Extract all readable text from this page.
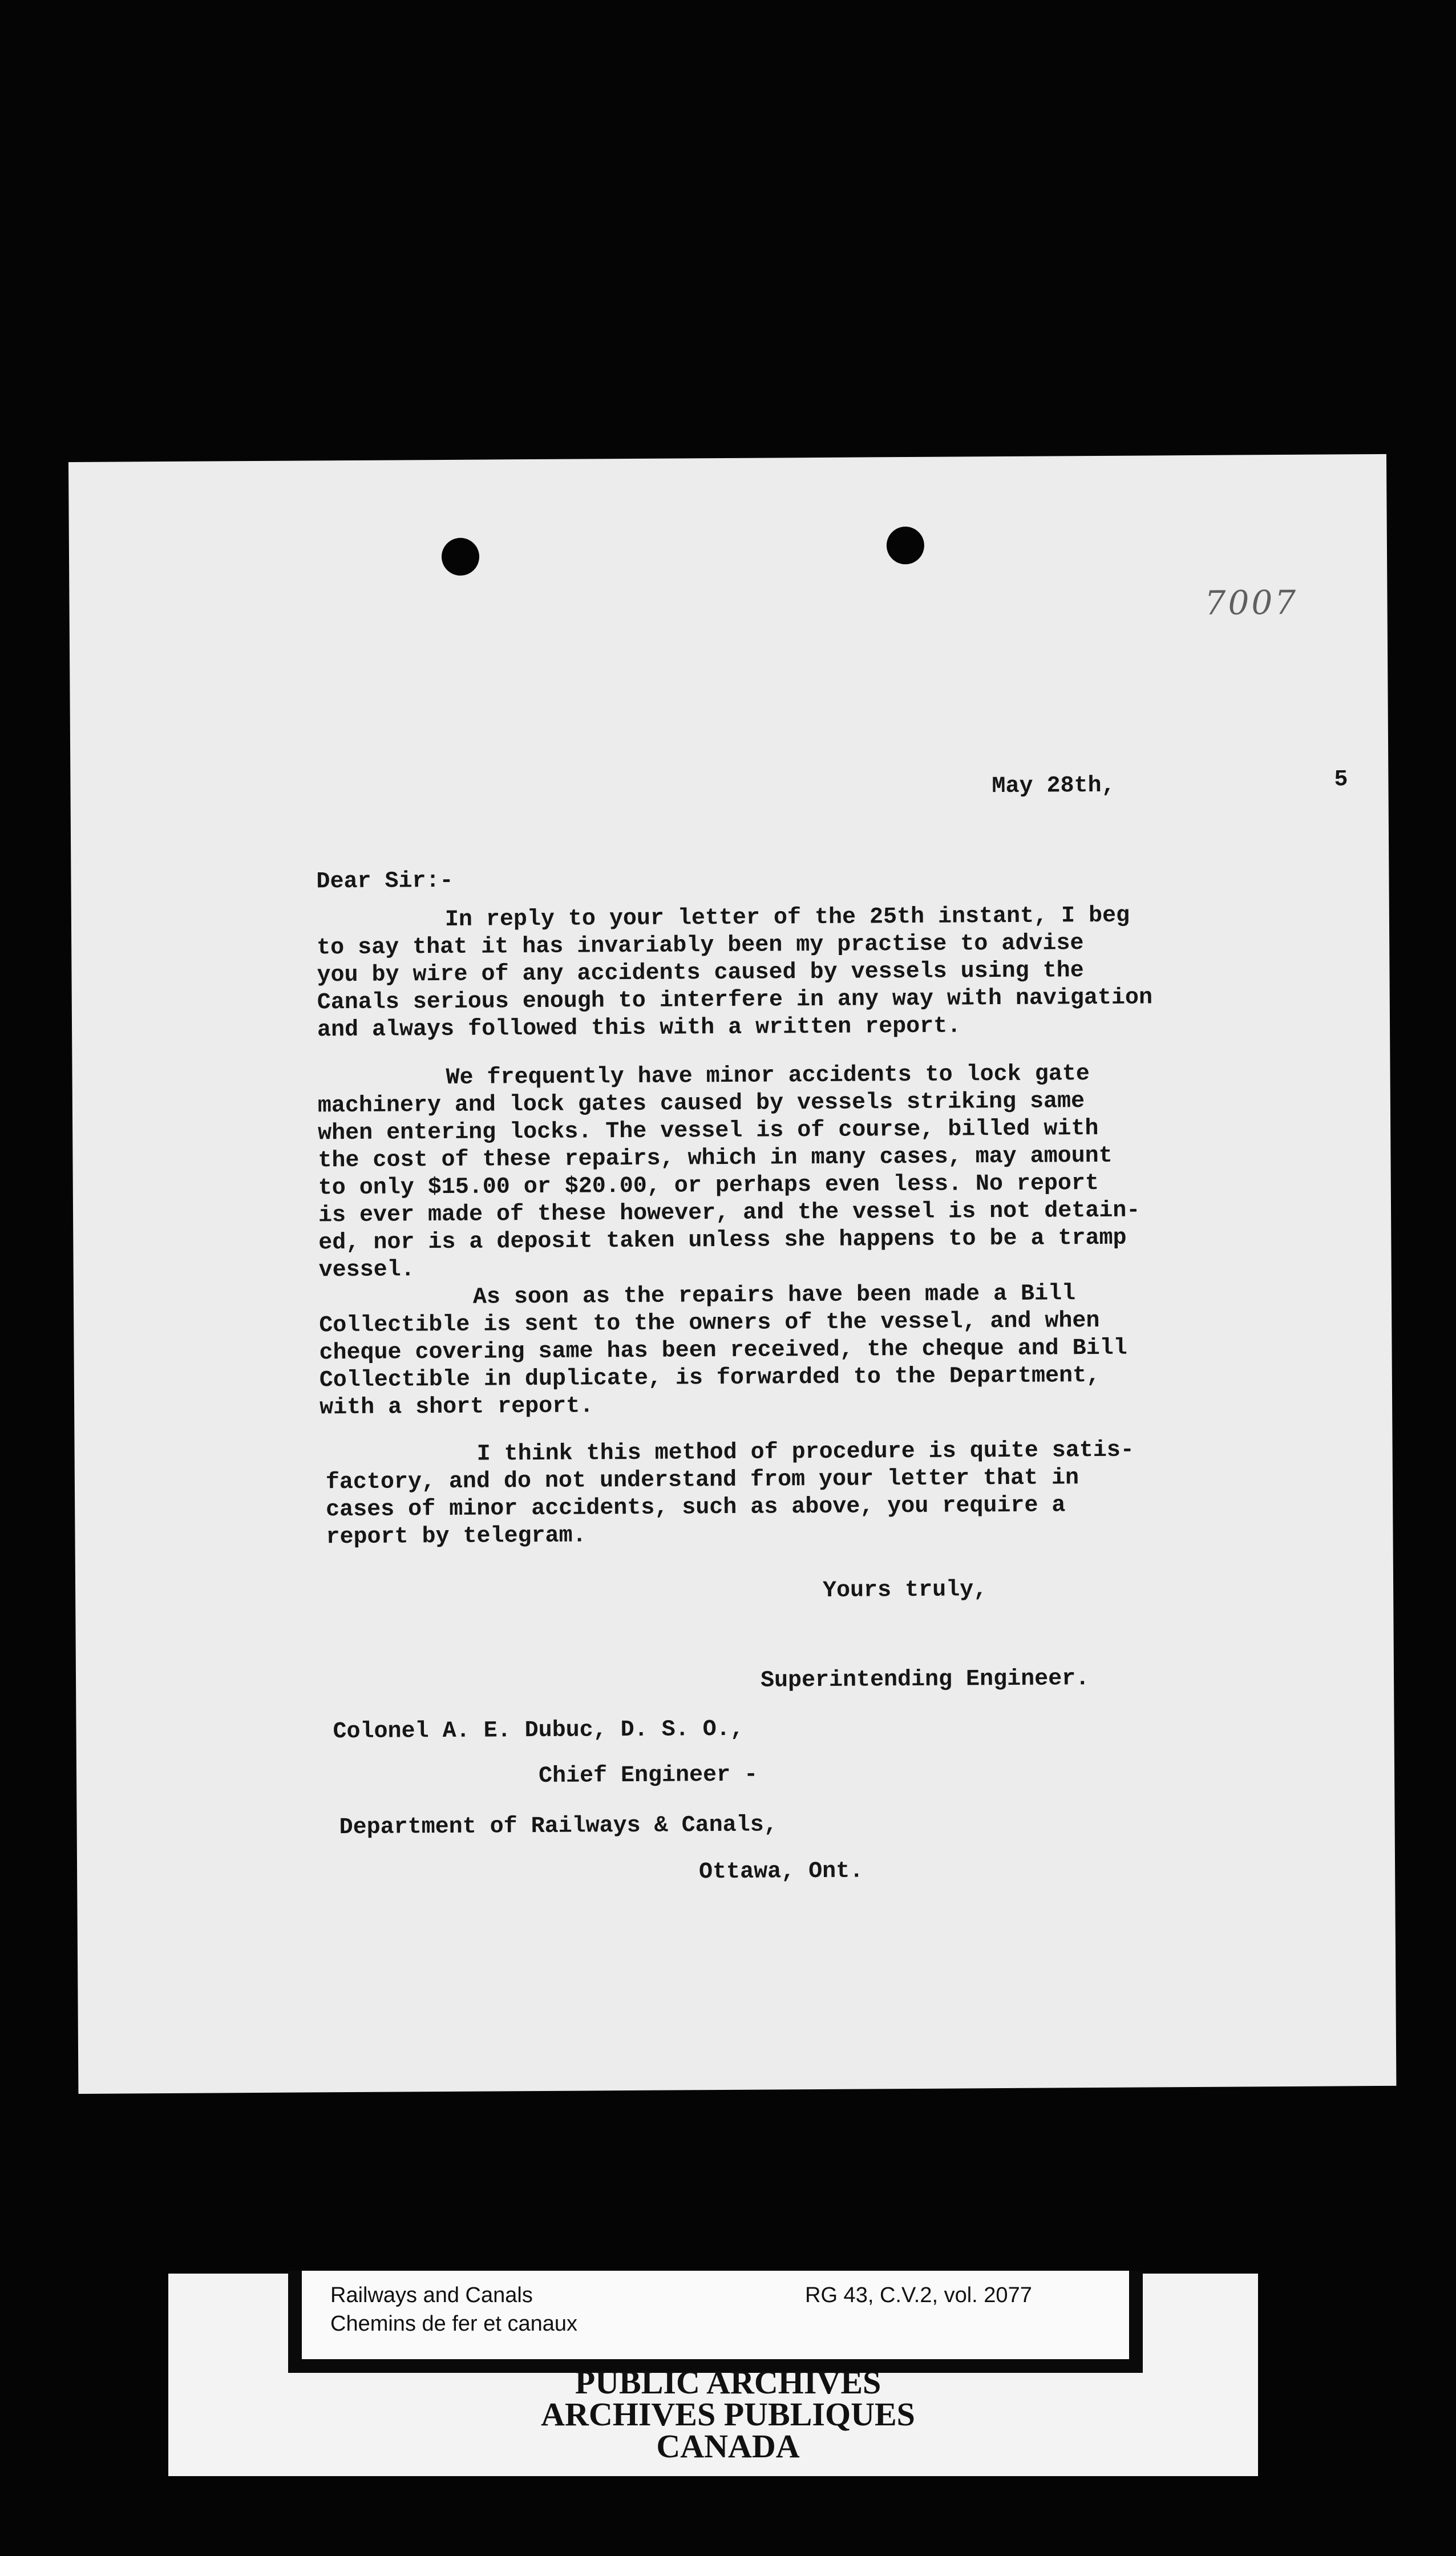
7007
May 28th,	5
Dear Sir:-
In reply to your letter of the 25th instant, I beg
to say that it has invariably been my practise to advise
you by wire of any accidents caused by vessels using the
Canals serious enough to interfere in any way with navigation
and always followed this with a written report.
We frequently have minor accidents to lock gate
machinery and lock gates caused by vessels striking same
when entering locks. The vessel is of course, billed with
the cost of these repairs, which in many cases, may amount
to only $15.00 or $20.00, or perhaps even less. No report
is ever made of these however, and the vessel is not detain-
ed, nor is a deposit taken unless she happens to be a tramp
vessel.
As soon as the repairs have been made a Bill
Collectible is sent to the owners of the vessel, and when
cheque covering same has been received, the cheque and Bill
Collectible in duplicate, is forwarded to the Department,
with a short report.
I think this method of procedure is quite satis-
factory, and do not understand from your letter that in
cases of minor accidents, such as above, you require a
report by telegram.
Yours truly,
Superintending Engineer.
Colonel A. E. Dubuc, D. S. O.,
Chief Engineer -
Department of Railways & Canals,
Ottawa, Ont.
Railways and Canals
Chemins de fer et canaux
RG 43, C.V.2, vol. 2077
PUBLIC ARCHIVES
ARCHIVES PUBLIQUES
CANADA
